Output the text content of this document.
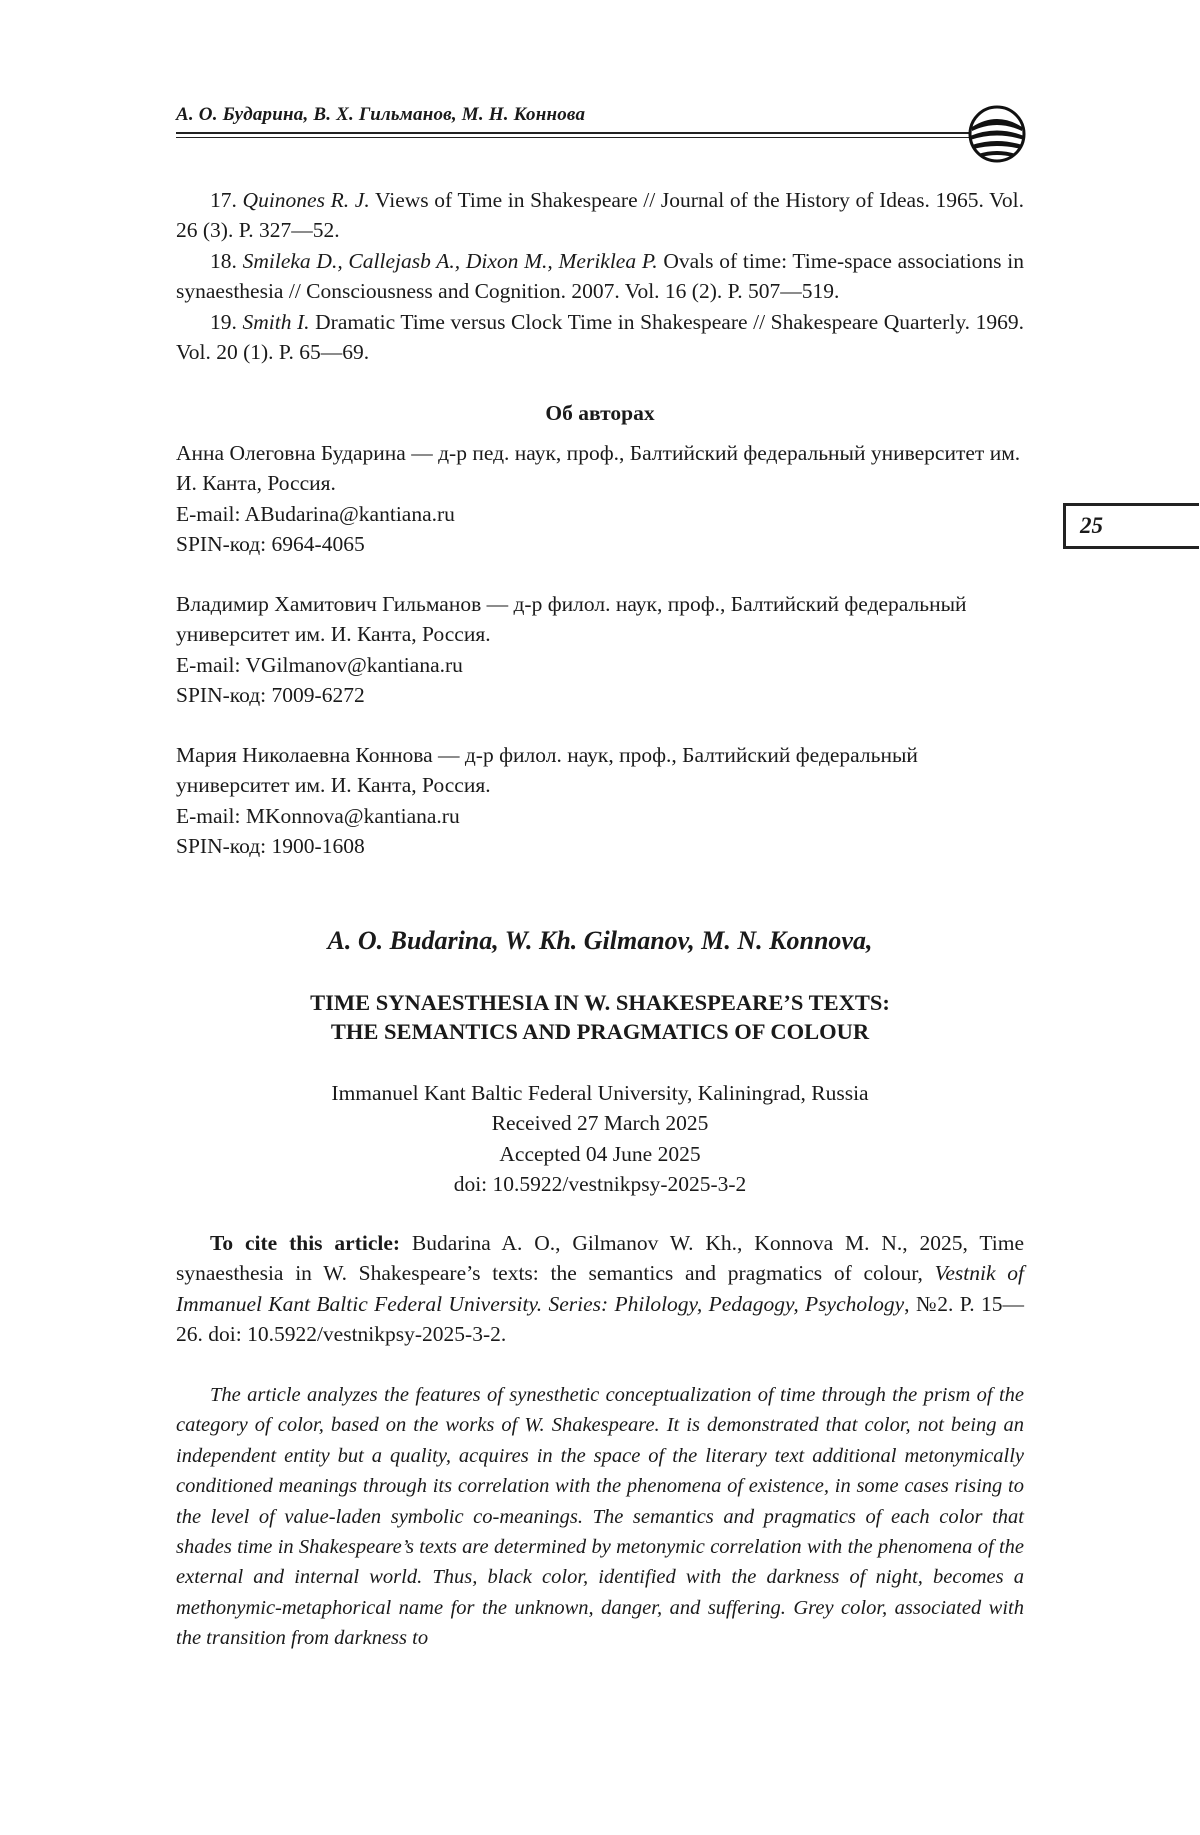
А. О. Бударина, В. Х. Гильманов, М. Н. Коннова
25

17. Quinones R. J. Views of Time in Shakespeare // Journal of the History of Ideas. 1965. Vol. 26 (3). P. 327—52.

18. Smileka D., Callejasb A., Dixon M., Meriklea P. Ovals of time: Time-space associations in synaesthesia // Consciousness and Cognition. 2007. Vol. 16 (2). P. 507—519.

19. Smith I. Dramatic Time versus Clock Time in Shakespeare // Shakespeare Quarterly. 1969. Vol. 20 (1). P. 65—69.

Об авторах

Анна Олеговна Бударина — д-р пед. наук, проф., Балтийский федеральный университет им. И. Канта, Россия.

E-mail: ABudarina@kantiana.ru

SPIN-код: 6964-4065

Владимир Хамитович Гильманов — д-р филол. наук, проф., Балтийский федеральный университет им. И. Канта, Россия.

E-mail: VGilmanov@kantiana.ru

SPIN-код: 7009-6272

Мария Николаевна Коннова — д-р филол. наук, проф., Балтийский федеральный университет им. И. Канта, Россия.

E-mail: MKonnova@kantiana.ru

SPIN-код: 1900-1608

A. O. Budarina, W. Kh. Gilmanov, M. N. Konnova,
TIME SYNAESTHESIA IN W. SHAKESPEARE’S TEXTS:
THE SEMANTICS AND PRAGMATICS OF COLOUR
Immanuel Kant Baltic Federal University, Kaliningrad, Russia
Received 27 March 2025
Accepted 04 June 2025
doi: 10.5922/vestnikpsy-2025-3-2

To cite this article: Budarina A. O., Gilmanov W. Kh., Konnova M. N., 2025, Time synaesthesia in W. Shakespeare’s texts: the semantics and pragmatics of colour, Vestnik of Immanuel Kant Baltic Federal University. Series: Philology, Pedagogy, Psychology, №2. P. 15—26. doi: 10.5922/vestnikpsy-2025-3-2.

The article analyzes the features of synesthetic conceptualization of time through the prism of the category of color, based on the works of W. Shakespeare. It is demonstrated that color, not being an independent entity but a quality, acquires in the space of the literary text additional metonymically conditioned meanings through its correlation with the phenomena of existence, in some cases rising to the level of value-laden symbolic co-meanings. The semantics and pragmatics of each color that shades time in Shakespeare’s texts are determined by metonymic correlation with the phenomena of the external and internal world. Thus, black color, identified with the darkness of night, becomes a methonymic-metaphorical name for the unknown, danger, and suffering. Grey color, associated with the transition from darkness to
